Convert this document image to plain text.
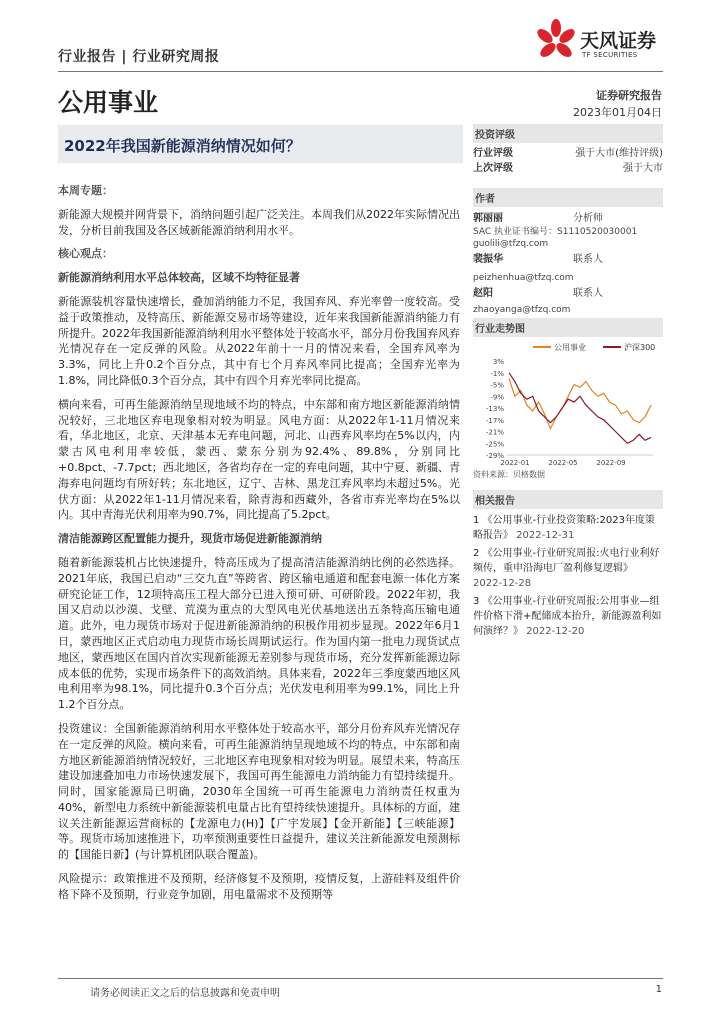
行业报告 | 行业研究周报
公用事业
天风证券
TF SECURITIES
证券研究报告
2023年01月04日
2022年我国新能源消纳情况如何？
本周专题：

新能源大规模并网背景下，消纳问题引起广泛关注。本周我们从2022年实际情况出发，分析目前我国及各区域新能源消纳利用水平。

核心观点：
新能源消纳利用水平总体较高，区域不均特征显著

新能源装机容量快速增长，叠加消纳能力不足，我国弃风、弃光率曾一度较高。受益于政策推动，及特高压、新能源交易市场等建设，近年来我国新能源消纳能力有所提升。2022年我国新能源消纳利用水平整体处于较高水平，部分月份我国弃风弃光情况存在一定反弹的风险。从2022年前十一月的情况来看，全国弃风率为3.3%，同比上升0.2个百分点，其中有七个月弃风率同比提高；全国弃光率为1.8%，同比降低0.3个百分点，其中有四个月弃光率同比提高。

横向来看，可再生能源消纳呈现地域不均的特点，中东部和南方地区新能源消纳情况较好，三北地区弃电现象相对较为明显。风电方面：从2022年1-11月情况来看，华北地区，北京、天津基本无弃电问题，河北、山西弃风率均在5%以内，内蒙古风电利用率较低，蒙西、蒙东分别为92.4%、89.8%，分别同比+0.8pct、-7.7pct；西北地区，各省均存在一定的弃电问题，其中宁夏、新疆、青海弃电问题均有所好转；东北地区，辽宁、吉林、黑龙江弃风率均未超过5%。光伏方面：从2022年1-11月情况来看，除青海和西藏外，各省市弃光率均在5%以内。其中青海光伏利用率为90.7%，同比提高了5.2pct。

清洁能源跨区配置能力提升，现货市场促进新能源消纳

随着新能源装机占比快速提升，特高压成为了提高清洁能源消纳比例的必然选择。2021年底，我国已启动“三交九直”等跨省、跨区输电通道和配套电源一体化方案研究论证工作，12项特高压工程大部分已进入预可研、可研阶段。2022年初，我国又启动以沙漠、戈壁、荒漠为重点的大型风电光伏基地送出五条特高压输电通道。此外，电力现货市场对于促进新能源消纳的积极作用初步显现。2022年6月1日，蒙西地区正式启动电力现货市场长周期试运行。作为国内第一批电力现货试点地区，蒙西地区在国内首次实现新能源无差别参与现货市场，充分发挥新能源边际成本低的优势，实现市场条件下的高效消纳。具体来看，2022年三季度蒙西地区风电利用率为98.1%，同比提升0.3个百分点；光伏发电利用率为99.1%，同比上升1.2个百分点。

投资建议：全国新能源消纳利用水平整体处于较高水平，部分月份弃风弃光情况存在一定反弹的风险。横向来看，可再生能源消纳呈现地域不均的特点，中东部和南方地区新能源消纳情况较好，三北地区弃电现象相对较为明显。展望未来，特高压建设加速叠加电力市场快速发展下，我国可再生能源电力消纳能力有望持续提升。同时，国家能源局已明确，2030年全国统一可再生能源电力消纳责任权重为40%，新型电力系统中新能源装机电量占比有望持续快速提升。具体标的方面，建议关注新能源运营商标的【龙源电力(H)】【广宇发展】【金开新能】【三峡能源】等。现货市场加速推进下，功率预测重要性日益提升，建议关注新能源发电预测标的【国能日新】(与计算机团队联合覆盖)。

风险提示：政策推进不及预期，经济修复不及预期，疫情反复，上游硅料及组件价格下降不及预期，行业竞争加剧，用电量需求不及预期等

投资评级
行业评级	强于大市(维持评级)
上次评级	强于大市
作者
郭丽丽	分析师
SAC 执业证书编号：S1110520030001
guolili@tfzq.com
裴振华	联系人
peizhenhua@tfzq.com
赵阳	联系人
zhaoyanga@tfzq.com
行业走势图
公用事业	沪深300
3%
-1%
-5%
-9%
-13%
-17%
-21%
-25%
-29%
2022-01	2022-05	2022-09
资料来源：贝格数据
相关报告
1 《公用事业-行业投资策略:2023年度策略报告》 2022-12-31
2 《公用事业-行业研究周报:火电行业利好频传，重申沿海电厂盈利修复逻辑》 2022-12-28
3 《公用事业-行业研究周报:公用事业—组件价格下滑+配储成本抬升，新能源盈利如何演绎？》 2022-12-20
请务必阅读正文之后的信息披露和免责申明	1
